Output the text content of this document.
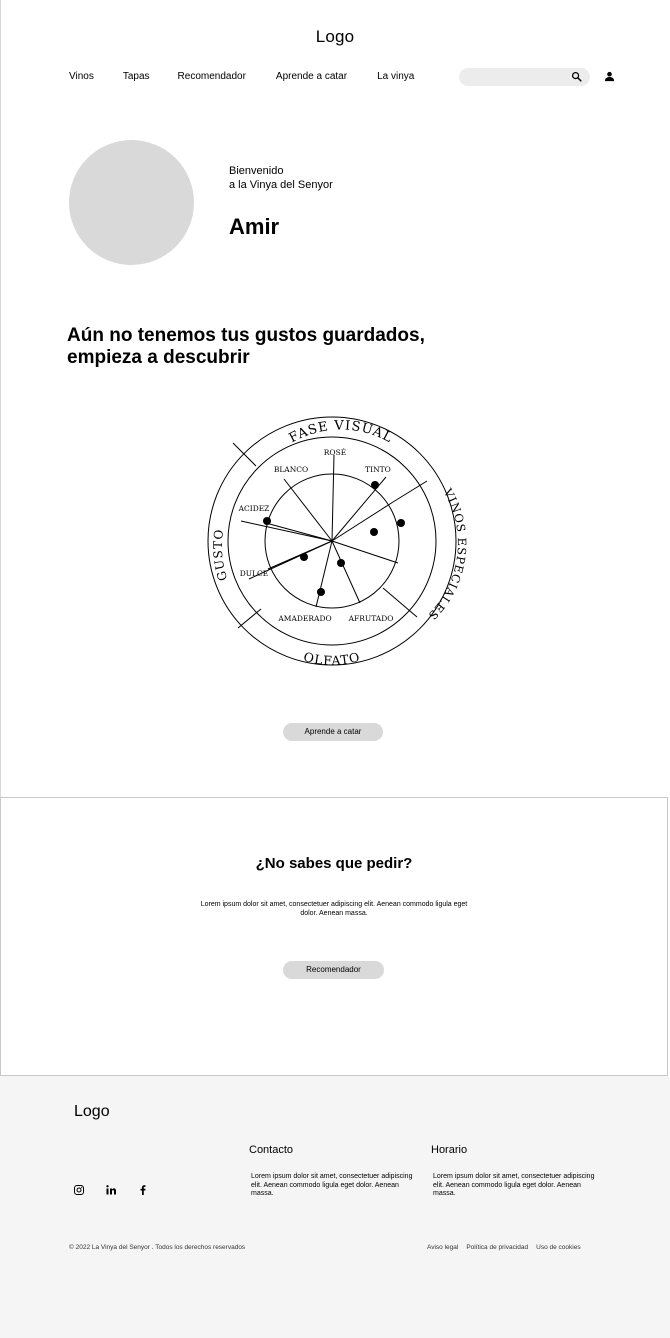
Logo
Vinos	Tapas	Recomendador	Aprende a catar	La vinya
Bienvenido
a la Vinya del Senyor
Amir
Aún no tenemos tus gustos guardados,
empieza a descubrir
FASE VISUAL
VINOS ESPECIALES
OLFATO
GUSTO
ROSÉ
BLANCO	TINTO
ACIDEZ
DULCE
AMADERADO AFRUTADO
Aprende a catar
¿No sabes que pedir?
Lorem ipsum dolor sit amet, consectetuer adipiscing elit. Aenean commodo ligula eget dolor. Aenean massa.
Recomendador
Logo
Contacto	Horario
Lorem ipsum dolor sit amet, consectetuer adipiscing elit. Aenean commodo ligula eget dolor. Aenean massa.
Lorem ipsum dolor sit amet, consectetuer adipiscing elit. Aenean commodo ligula eget dolor. Aenean massa.
© 2022 La Vinya del Senyor . Todos los derechos reservados	Aviso legal Política de privacidad Uso de cookies
